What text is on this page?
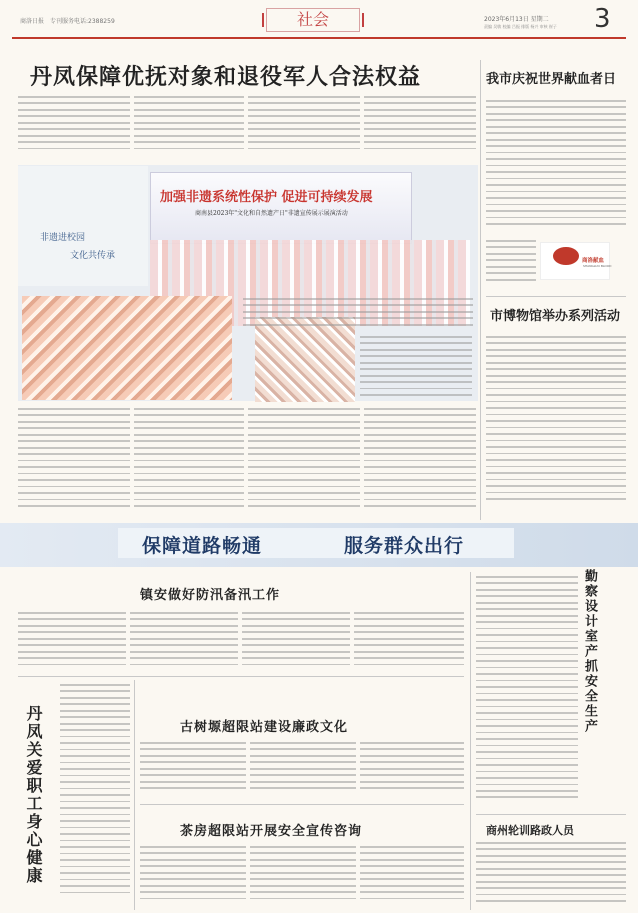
商洛日报 专刊服务电话:2388259	社会	2023年6月13日 星期二
责编 吴敏 校编 吕振 排版 杨兴 审核 崔子 3
丹凤保障优抚对象和退役军人合法权益
非遗进校园
文化共传承
加强非遗系统性保护 促进可持续发展
商南县2023年"文化和自然遗产日"非遗宣传展示展演活动
我市庆祝世界献血者日
商洛献血
SHANGLUO BLOOD
市博物馆举办系列活动
保障道路畅通	服务群众出行
镇安做好防汛备汛工作
丹凤关爱职工身心健康	古树塬超限站建设廉政文化
茶房超限站开展安全宣传咨询
勤察设计室产抓安全生产
商州轮训路政人员
